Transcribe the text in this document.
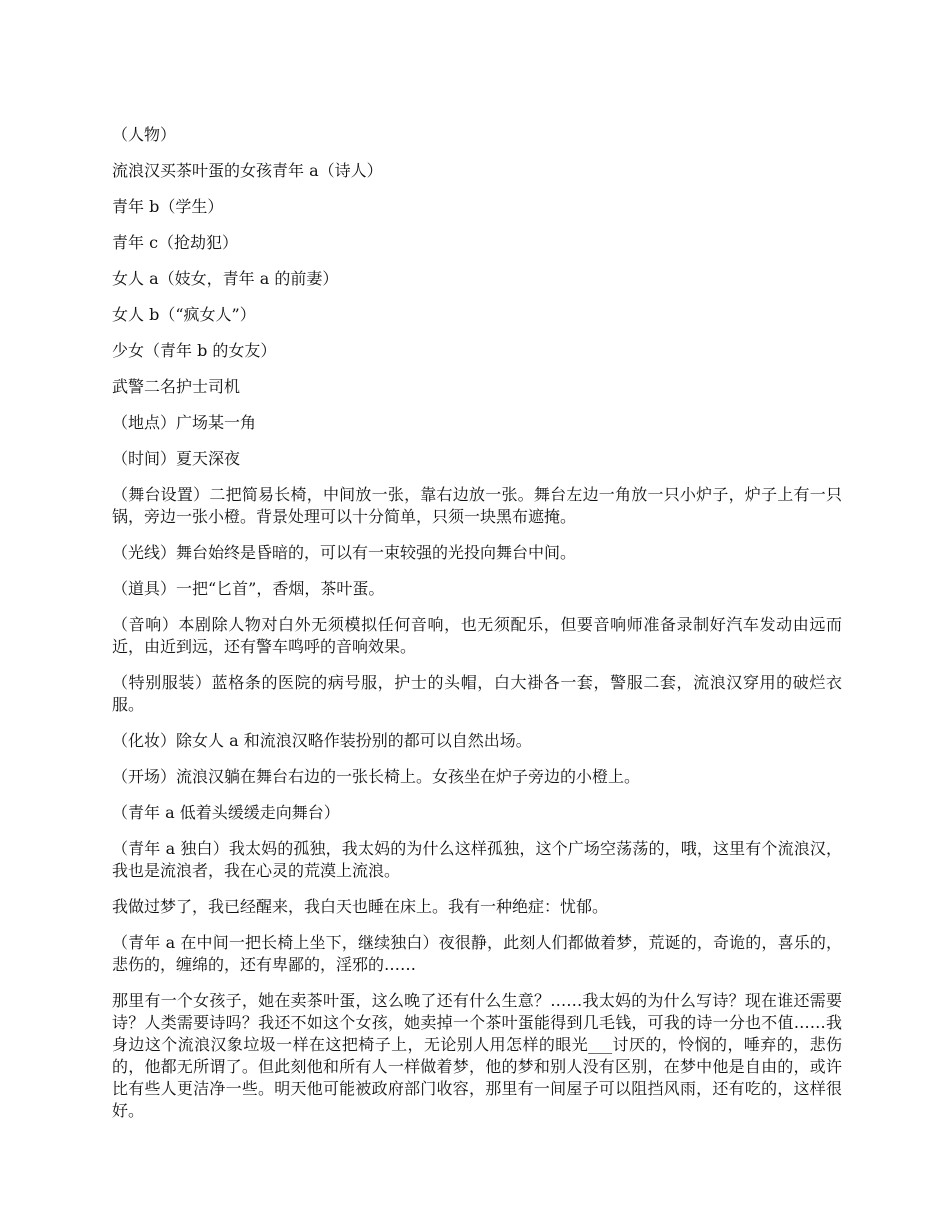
（人物）

流浪汉买茶叶蛋的女孩青年 a（诗人）

青年 b（学生）

青年 c（抢劫犯）

女人 a（妓女，青年 a 的前妻）

女人 b（“疯女人”）

少女（青年 b 的女友）

武警二名护士司机

（地点）广场某一角

（时间）夏天深夜

（舞台设置）二把简易长椅，中间放一张，靠右边放一张。舞台左边一角放一只小炉子，炉子上有一只锅，旁边一张小橙。背景处理可以十分简单，只须一块黑布遮掩。

（光线）舞台始终是昏暗的，可以有一束较强的光投向舞台中间。

（道具）一把“匕首”，香烟，茶叶蛋。

（音响）本剧除人物对白外无须模拟任何音响，也无须配乐，但要音响师准备录制好汽车发动由远而近，由近到远，还有警车鸣呼的音响效果。

（特别服装）蓝格条的医院的病号服，护士的头帽，白大褂各一套，警服二套，流浪汉穿用的破烂衣服。

（化妆）除女人 a 和流浪汉略作装扮别的都可以自然出场。

（开场）流浪汉躺在舞台右边的一张长椅上。女孩坐在炉子旁边的小橙上。

（青年 a 低着头缓缓走向舞台）

（青年 a 独白）我太妈的孤独，我太妈的为什么这样孤独，这个广场空荡荡的，哦，这里有个流浪汉，我也是流浪者，我在心灵的荒漠上流浪。

我做过梦了，我已经醒来，我白天也睡在床上。我有一种绝症：忧郁。

（青年 a 在中间一把长椅上坐下，继续独白）夜很静，此刻人们都做着梦，荒诞的，奇诡的，喜乐的，悲伤的，缠绵的，还有卑鄙的，淫邪的……

那里有一个女孩子，她在卖茶叶蛋，这么晚了还有什么生意？……我太妈的为什么写诗？现在谁还需要诗？人类需要诗吗？我还不如这个女孩，她卖掉一个茶叶蛋能得到几毛钱，可我的诗一分也不值……我身边这个流浪汉象垃圾一样在这把椅子上，无论别人用怎样的眼光___讨厌的，怜悯的，唾弃的，悲伤的，他都无所谓了。但此刻他和所有人一样做着梦，他的梦和别人没有区别，在梦中他是自由的，或许比有些人更洁净一些。明天他可能被政府部门收容，那里有一间屋子可以阻挡风雨，还有吃的，这样很好。
